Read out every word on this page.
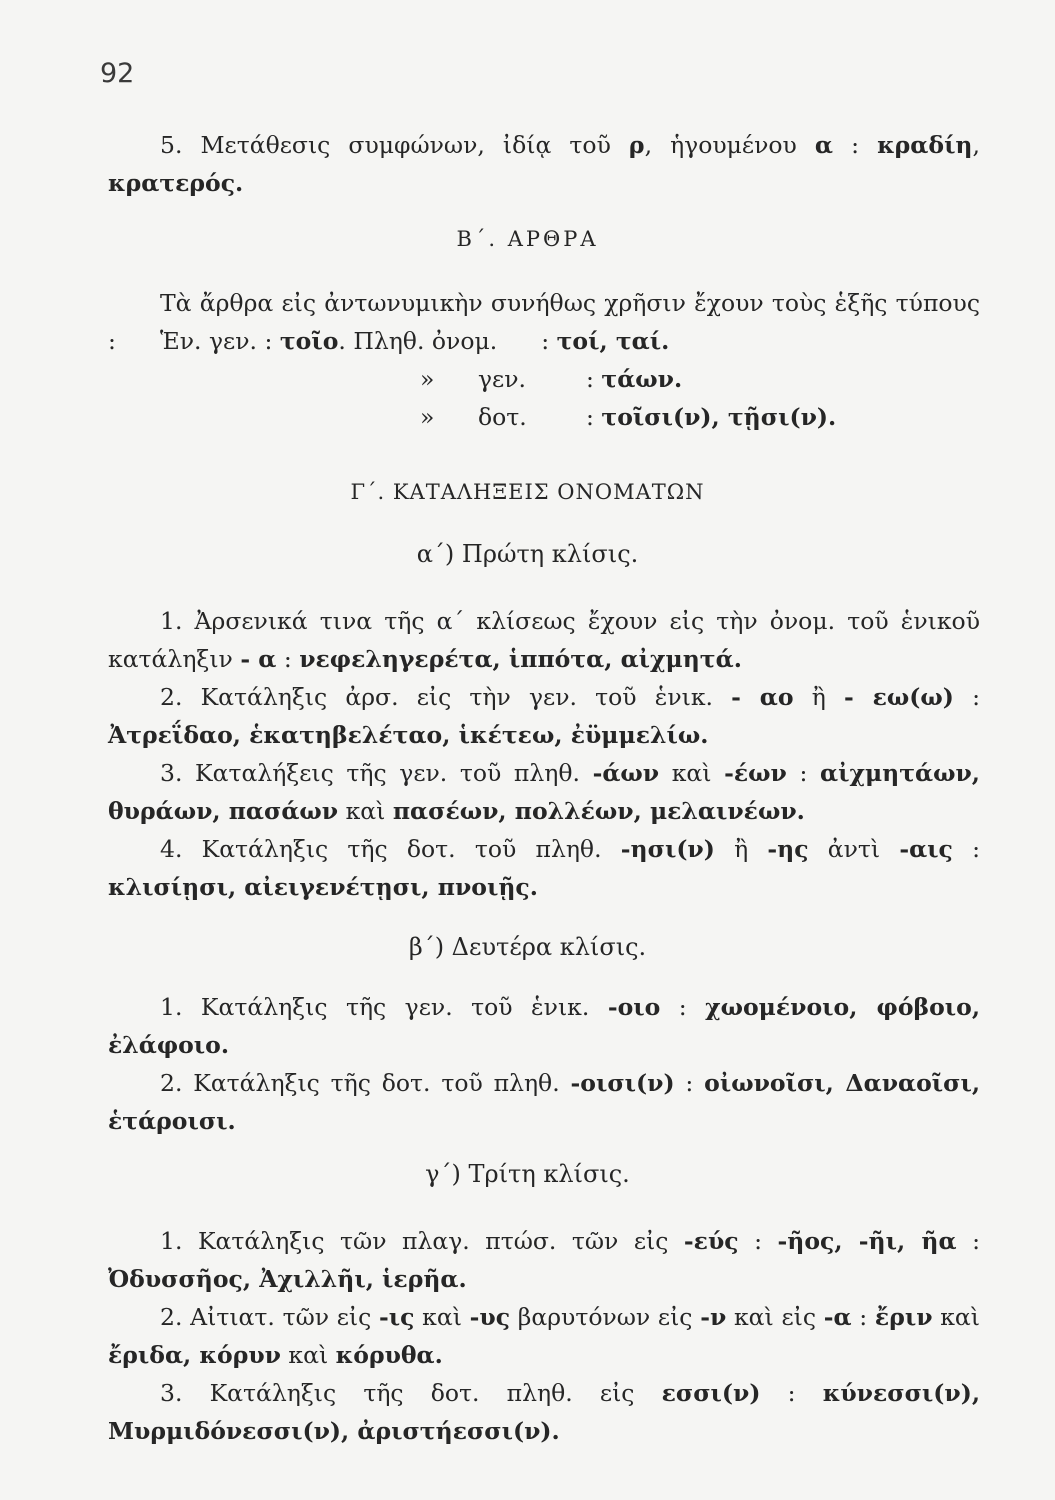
92

5. Μετάθεσις συμφώνων, ἰδίᾳ τοῦ ρ, ἡγουμένου α : κραδίη, κρατερός.

Β΄. ΑΡΘΡΑ

Τὰ ἄρθρα εἰς ἀντωνυμικὴν συνήθως χρῆσιν ἔχουν τοὺς ἑξῆς τύπους :	Ἑν. γεν. : τοῖο. Πληθ. ὀνομ. : τοί, ταί.
» γεν.	: τάων.
» δοτ.	: τοῖσι(ν), τῇσι(ν).
Γ΄. ΚΑΤΑΛΗΞΕΙΣ ΟΝΟΜΑΤΩΝ
α΄) Πρώτη κλίσις.

1. Ἀρσενικά τινα τῆς α΄ κλίσεως ἔχουν εἰς τὴν ὀνομ. τοῦ ἑνικοῦ κατάληξιν - α : νεφεληγερέτα, ἱππότα, αἰχμητά.

2. Κατάληξις ἀρσ. εἰς τὴν γεν. τοῦ ἑνικ. - αο ἢ - εω(ω) : Ἀτρεΐδαο, ἑκατηβελέταο, ἱκέτεω, ἐϋμμελίω.

3. Καταλήξεις τῆς γεν. τοῦ πληθ. -άων καὶ -έων : αἰχμητάων, θυράων, πασάων καὶ πασέων, πολλέων, μελαινέων.

4. Κατάληξις τῆς δοτ. τοῦ πληθ. -ησι(ν) ἢ -ης ἀντὶ -αις : κλισίῃσι, αἰειγενέτῃσι, πνοιῇς.

β΄) Δευτέρα κλίσις.

1. Κατάληξις τῆς γεν. τοῦ ἑνικ. -οιο : χωομένοιο, φόβοιο, ἐλάφοιο.

2. Κατάληξις τῆς δοτ. τοῦ πληθ. -οισι(ν) : οἰωνοῖσι, Δαναοῖσι, ἑτάροισι.

γ΄) Τρίτη κλίσις.

1. Κατάληξις τῶν πλαγ. πτώσ. τῶν εἰς -εύς : -ῆος, -ῆι, ῆα : Ὀδυσσῆος, Ἀχιλλῆι, ἱερῆα.

2. Αἰτιατ. τῶν εἰς -ις καὶ -υς βαρυτόνων εἰς -ν καὶ εἰς -α : ἔριν καὶ ἔριδα, κόρυν καὶ κόρυθα.

3. Κατάληξις τῆς δοτ. πληθ. εἰς εσσι(ν) : κύνεσσι(ν), Μυρμιδόνεσσι(ν), ἀριστήεσσι(ν).
